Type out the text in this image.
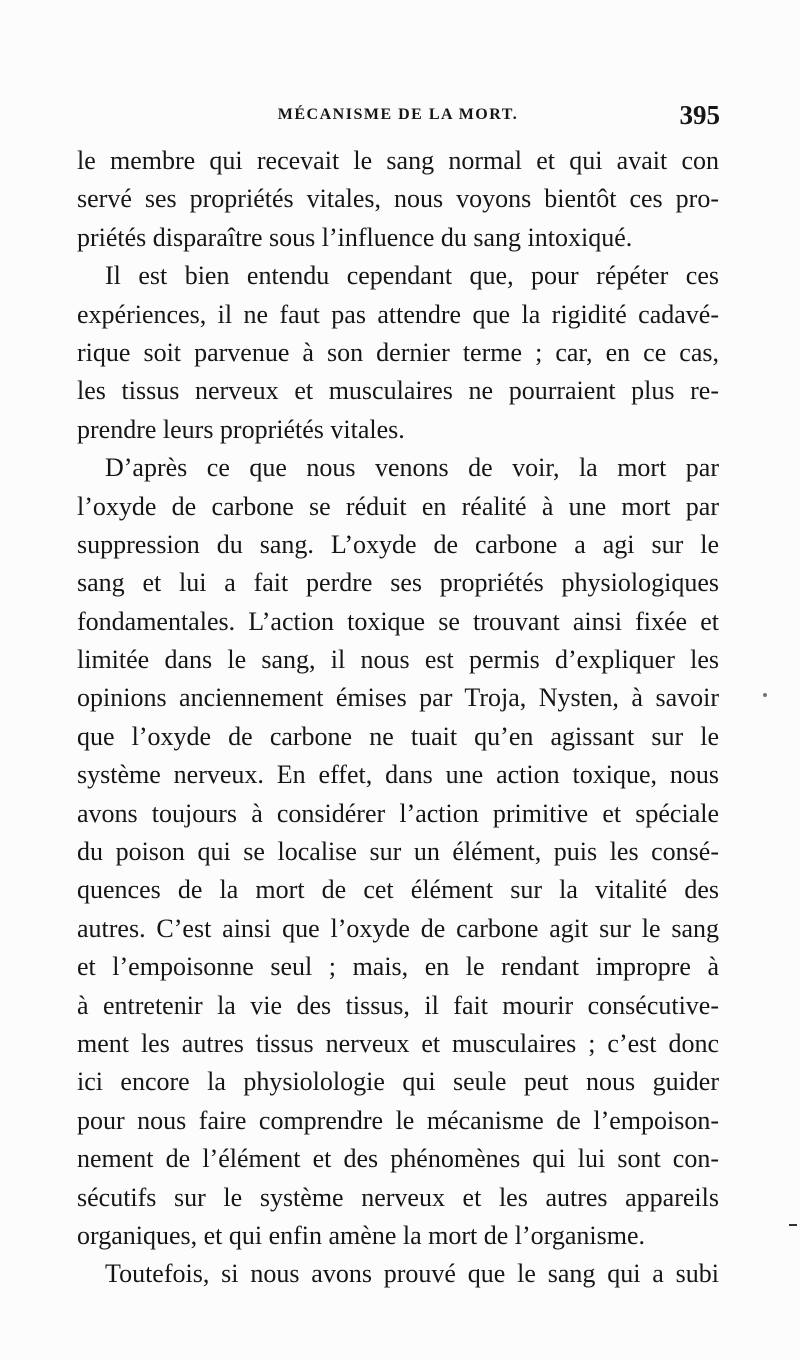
MÉCANISME DE LA MORT.	395
le membre qui recevait le sang normal et qui avait con
servé ses propriétés vitales, nous voyons bientôt ces pro-
priétés disparaître sous l’influence du sang intoxiqué.
Il est bien entendu cependant que, pour répéter ces
expériences, il ne faut pas attendre que la rigidité cadavé-
rique soit parvenue à son dernier terme ; car, en ce cas,
les tissus nerveux et musculaires ne pourraient plus re-
prendre leurs propriétés vitales.
D’après ce que nous venons de voir, la mort par
l’oxyde de carbone se réduit en réalité à une mort par
suppression du sang. L’oxyde de carbone a agi sur le
sang et lui a fait perdre ses propriétés physiologiques
fondamentales. L’action toxique se trouvant ainsi fixée et
limitée dans le sang, il nous est permis d’expliquer les
opinions anciennement émises par Troja, Nysten, à savoir
que l’oxyde de carbone ne tuait qu’en agissant sur le
système nerveux. En effet, dans une action toxique, nous
avons toujours à considérer l’action primitive et spéciale
du poison qui se localise sur un élément, puis les consé-
quences de la mort de cet élément sur la vitalité des
autres. C’est ainsi que l’oxyde de carbone agit sur le sang
et l’empoisonne seul ; mais, en le rendant impropre à
à entretenir la vie des tissus, il fait mourir consécutive-
ment les autres tissus nerveux et musculaires ; c’est donc
ici encore la physiolologie qui seule peut nous guider
pour nous faire comprendre le mécanisme de l’empoison-
nement de l’élément et des phénomènes qui lui sont con-
sécutifs sur le système nerveux et les autres appareils
organiques, et qui enfin amène la mort de l’organisme.
Toutefois, si nous avons prouvé que le sang qui a subi
